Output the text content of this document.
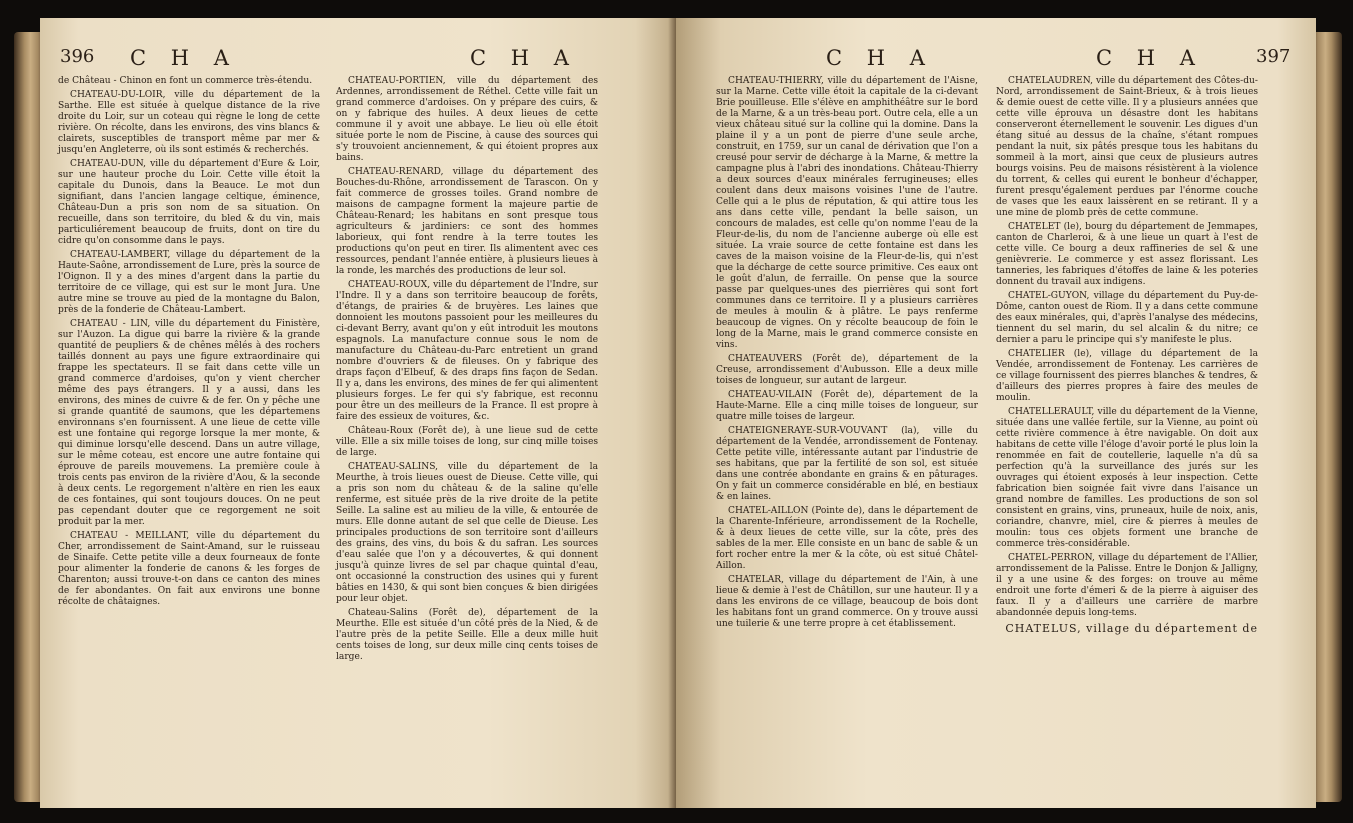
396 C H A	C H A

de Château - Chinon en font un commerce très-étendu.

CHATEAU-DU-LOIR, ville du département de la Sarthe. Elle est située à quelque distance de la rive droite du Loir, sur un coteau qui règne le long de cette rivière. On récolte, dans les environs, des vins blancs & clairets, susceptibles de transport même par mer & jusqu'en Angleterre, où ils sont estimés & recherchés.

CHATEAU-DUN, ville du département d'Eure & Loir, sur une hauteur proche du Loir. Cette ville étoit la capitale du Dunois, dans la Beauce. Le mot dun signifiant, dans l'ancien langage celtique, éminence, Château-Dun a pris son nom de sa situation. On recueille, dans son territoire, du bled & du vin, mais particuliérement beaucoup de fruits, dont on tire du cidre qu'on consomme dans le pays.

CHATEAU-LAMBERT, village du département de la Haute-Saône, arrondissement de Lure, près la source de l'Oignon. Il y a des mines d'argent dans la partie du territoire de ce village, qui est sur le mont Jura. Une autre mine se trouve au pied de la montagne du Balon, près de la fonderie de Château-Lambert.

CHATEAU - LIN, ville du département du Finistère, sur l'Auzon. La digue qui barre la rivière & la grande quantité de peupliers & de chênes mêlés à des rochers taillés donnent au pays une figure extraordinaire qui frappe les spectateurs. Il se fait dans cette ville un grand commerce d'ardoises, qu'on y vient chercher même des pays étrangers. Il y a aussi, dans les environs, des mines de cuivre & de fer. On y pêche une si grande quantité de saumons, que les départemens environnans s'en fournissent. A une lieue de cette ville est une fontaine qui regorge lorsque la mer monte, & qui diminue lorsqu'elle descend. Dans un autre village, sur le même coteau, est encore une autre fontaine qui éprouve de pareils mouvemens. La première coule à trois cents pas environ de la rivière d'Aou, & la seconde à deux cents. Le regorgement n'altère en rien les eaux de ces fontaines, qui sont toujours douces. On ne peut pas cependant douter que ce regorgement ne soit produit par la mer.

CHATEAU - MEILLANT, ville du département du Cher, arrondissement de Saint-Amand, sur le ruisseau de Sinaife. Cette petite ville a deux fourneaux de fonte pour alimenter la fonderie de canons & les forges de Charenton; aussi trouve-t-on dans ce canton des mines de fer abondantes. On fait aux environs une bonne récolte de châtaignes.

CHATEAU-PORTIEN, ville du département des Ardennes, arrondissement de Réthel. Cette ville fait un grand commerce d'ardoises. On y prépare des cuirs, & on y fabrique des huiles. A deux lieues de cette commune il y avoit une abbaye. Le lieu où elle étoit située porte le nom de Piscine, à cause des sources qui s'y trouvoient anciennement, & qui étoient propres aux bains.

CHATEAU-RENARD, village du département des Bouches-du-Rhône, arrondissement de Tarascon. On y fait commerce de grosses toiles. Grand nombre de maisons de campagne forment la majeure partie de Château-Renard; les habitans en sont presque tous agriculteurs & jardiniers: ce sont des hommes laborieux, qui font rendre à la terre toutes les productions qu'on peut en tirer. Ils alimentent avec ces ressources, pendant l'année entière, à plusieurs lieues à la ronde, les marchés des productions de leur sol.

CHATEAU-ROUX, ville du département de l'Indre, sur l'Indre. Il y a dans son territoire beaucoup de forêts, d'étangs, de prairies & de bruyères. Les laines que donnoient les moutons passoient pour les meilleures du ci-devant Berry, avant qu'on y eût introduit les moutons espagnols. La manufacture connue sous le nom de manufacture du Château-du-Parc entretient un grand nombre d'ouvriers & de fileuses. On y fabrique des draps façon d'Elbeuf, & des draps fins façon de Sedan. Il y a, dans les environs, des mines de fer qui alimentent plusieurs forges. Le fer qui s'y fabrique, est reconnu pour être un des meilleurs de la France. Il est propre à faire des essieux de voitures, &c.

Château-Roux (Forêt de), à une lieue sud de cette ville. Elle a six mille toises de long, sur cinq mille toises de large.

CHATEAU-SALINS, ville du département de la Meurthe, à trois lieues ouest de Dieuse. Cette ville, qui a pris son nom du château & de la saline qu'elle renferme, est située près de la rive droite de la petite Seille. La saline est au milieu de la ville, & entourée de murs. Elle donne autant de sel que celle de Dieuse. Les principales productions de son territoire sont d'ailleurs des grains, des vins, du bois & du safran. Les sources d'eau salée que l'on y a découvertes, & qui donnent jusqu'à quinze livres de sel par chaque quintal d'eau, ont occasionné la construction des usines qui y furent bâties en 1430, & qui sont bien conçues & bien dirigées pour leur objet.

Chateau-Salins (Forêt de), département de la Meurthe. Elle est située d'un côté près de la Nied, & de l'autre près de la petite Seille. Elle a deux mille huit cents toises de long, sur deux mille cinq cents toises de large.

C H A	C H A	397

CHATEAU-THIERRY, ville du département de l'Aisne, sur la Marne. Cette ville étoit la capitale de la ci-devant Brie pouilleuse. Elle s'élève en amphithéâtre sur le bord de la Marne, & a un très-beau port. Outre cela, elle a un vieux château situé sur la colline qui la domine. Dans la plaine il y a un pont de pierre d'une seule arche, construit, en 1759, sur un canal de dérivation que l'on a creusé pour servir de décharge à la Marne, & mettre la campagne plus à l'abri des inondations. Château-Thierry a deux sources d'eaux minérales ferrugineuses; elles coulent dans deux maisons voisines l'une de l'autre. Celle qui a le plus de réputation, & qui attire tous les ans dans cette ville, pendant la belle saison, un concours de malades, est celle qu'on nomme l'eau de la Fleur-de-lis, du nom de l'ancienne auberge où elle est située. La vraie source de cette fontaine est dans les caves de la maison voisine de la Fleur-de-lis, qui n'est que la décharge de cette source primitive. Ces eaux ont le goût d'alun, de ferraille. On pense que la source passe par quelques-unes des pierrières qui sont fort communes dans ce territoire. Il y a plusieurs carrières de meules à moulin & à plâtre. Le pays renferme beaucoup de vignes. On y récolte beaucoup de foin le long de la Marne, mais le grand commerce consiste en vins.

CHATEAUVERS (Forêt de), département de la Creuse, arrondissement d'Aubusson. Elle a deux mille toises de longueur, sur autant de largeur.

CHATEAU-VILAIN (Forêt de), département de la Haute-Marne. Elle a cinq mille toises de longueur, sur quatre mille toises de largeur.

CHATEIGNERAYE-SUR-VOUVANT (la), ville du département de la Vendée, arrondissement de Fontenay. Cette petite ville, intéressante autant par l'industrie de ses habitans, que par la fertilité de son sol, est située dans une contrée abondante en grains & en pâturages. On y fait un commerce considérable en blé, en bestiaux & en laines.

CHATEL-AILLON (Pointe de), dans le département de la Charente-Inférieure, arrondissement de la Rochelle, & à deux lieues de cette ville, sur la côte, près des sables de la mer. Elle consiste en un banc de sable & un fort rocher entre la mer & la côte, où est situé Châtel-Aillon.

CHATELAR, village du département de l'Ain, à une lieue & demie à l'est de Châtillon, sur une hauteur. Il y a dans les environs de ce village, beaucoup de bois dont les habitans font un grand commerce. On y trouve aussi une tuilerie & une terre propre à cet établissement.

CHATELAUDREN, ville du département des Côtes-du-Nord, arrondissement de Saint-Brieux, & à trois lieues & demie ouest de cette ville. Il y a plusieurs années que cette ville éprouva un désastre dont les habitans conserveront éternellement le souvenir. Les digues d'un étang situé au dessus de la chaîne, s'étant rompues pendant la nuit, six pâtés presque tous les habitans du sommeil à la mort, ainsi que ceux de plusieurs autres bourgs voisins. Peu de maisons résistèrent à la violence du torrent, & celles qui eurent le bonheur d'échapper, furent presqu'également perdues par l'énorme couche de vases que les eaux laissèrent en se retirant. Il y a une mine de plomb près de cette commune.

CHATELET (le), bourg du département de Jemmapes, canton de Charleroi, & à une lieue un quart à l'est de cette ville. Ce bourg a deux raffineries de sel & une genièvrerie. Le commerce y est assez florissant. Les tanneries, les fabriques d'étoffes de laine & les poteries donnent du travail aux indigens.

CHATEL-GUYON, village du département du Puy-de-Dôme, canton ouest de Riom. Il y a dans cette commune des eaux minérales, qui, d'après l'analyse des médecins, tiennent du sel marin, du sel alcalin & du nitre; ce dernier a paru le principe qui s'y manifeste le plus.

CHATELIER (le), village du département de la Vendée, arrondissement de Fontenay. Les carrières de ce village fournissent des pierres blanches & tendres, & d'ailleurs des pierres propres à faire des meules de moulin.

CHATELLERAULT, ville du département de la Vienne, située dans une vallée fertile, sur la Vienne, au point où cette rivière commence à être navigable. On doit aux habitans de cette ville l'éloge d'avoir porté le plus loin la renommée en fait de coutellerie, laquelle n'a dû sa perfection qu'à la surveillance des jurés sur les ouvrages qui étoient exposés à leur inspection. Cette fabrication bien soignée fait vivre dans l'aisance un grand nombre de familles. Les productions de son sol consistent en grains, vins, pruneaux, huile de noix, anis, coriandre, chanvre, miel, cire & pierres à meules de moulin: tous ces objets forment une branche de commerce très-considérable.

CHATEL-PERRON, village du département de l'Allier, arrondissement de la Palisse. Entre le Donjon & Jalligny, il y a une usine & des forges: on trouve au même endroit une forte d'émeri & de la pierre à aiguiser des faux. Il y a d'ailleurs une carrière de marbre abandonnée depuis long-tems.

CHATELUS, village du département de
